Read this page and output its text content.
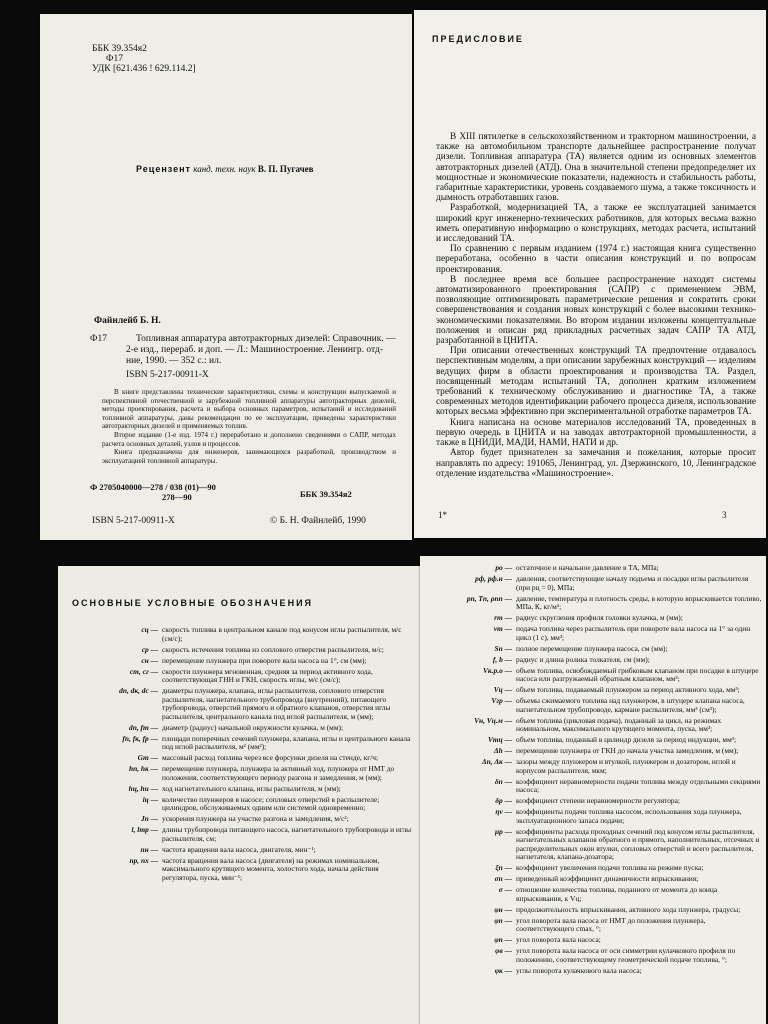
ББК 39.354я2
Ф17
УДК [621.436 ! 629.114.2]
Рецензент канд. техн. наук В. П. Пугачев
Файнлейб Б. Н.
Ф17	Топливная аппаратура автотракторных дизелей: Справочник. — 2-е изд., перераб. и доп. — Л.: Машиностроение. Ленингр. отд-ние, 1990. — 352 с.: ил.
ISBN 5-217-00911-X

В книге представлены технические характеристики, схемы и конструкции выпускаемой и перспективной отечественной и зарубежной топливной аппаратуры автотракторных дизелей, методы проектирования, расчета и выбора основных параметров, испытаний и исследований топливной аппаратуры, даны рекомендации по ее эксплуатации, приведены характеристики автотракторных дизелей и применяемых топлив.

Второе издание (1-е изд. 1974 г.) переработано и дополнено сведениями о САПР, методах расчета основных деталей, узлов и процессов.

Книга предназначена для инженеров, занимающихся разработкой, производством и эксплуатацией топливной аппаратуры.

Ф 2705040000—278 / 038 (01)—90
278—90	ББК 39.354я2
ISBN 5-217-00911-X	© Б. Н. Файнлейб, 1990
ПРЕДИСЛОВИЕ

В XIII пятилетке в сельскохозяйственном и тракторном машиностроении, а также на автомобильном транспорте дальнейшее распространение получат дизели. Топливная аппаратура (ТА) является одним из основных элементов автотракторных дизелей (АТД). Она в значительной степени предопределяет их мощностные и экономические показатели, надежность и стабильность работы, габаритные характеристики, уровень создаваемого шума, а также токсичность и дымность отработавших газов.

Разработкой, модернизацией ТА, а также ее эксплуатацией занимается широкий круг инженерно-технических работников, для которых весьма важно иметь оперативную информацию о конструкциях, методах расчета, испытаний и исследований ТА.

По сравнению с первым изданием (1974 г.) настоящая книга существенно переработана, особенно в части описания конструкций и по вопросам проектирования.

В последнее время все большее распространение находят системы автоматизированного проектирования (САПР) с применением ЭВМ, позволяющие оптимизировать параметрические решения и сократить сроки совершенствования и создания новых конструкций с более высокими технико-экономическими показателями. Во втором издании изложены концептуальные положения и описан ряд прикладных расчетных задач САПР ТА АТД, разработанной в ЦНИТА.

При описании отечественных конструкций ТА предпочтение отдавалось перспективным моделям, а при описании зарубежных конструкций — изделиям ведущих фирм в области проектирования и производства ТА. Раздел, посвященный методам испытаний ТА, дополнен кратким изложением требований к техническому обслуживанию и диагностике ТА, а также современных методов идентификации рабочего процесса дизеля, использование которых весьма эффективно при экспериментальной отработке параметров ТА.

Книга написана на основе материалов исследований ТА, проведенных в первую очередь в ЦНИТА и на заводах автотракторной промышленности, а также в ЦНИДИ, МАДИ, НАМИ, НАТИ и др.

Автор будет признателен за замечания и пожелания, которые просит направлять по адресу: 191065, Ленинград, ул. Дзержинского, 10, Ленинградское отделение издательства «Машиностроение».

1*	3
ОСНОВНЫЕ УСЛОВНЫЕ ОБОЗНАЧЕНИЯ
cц — скорость топлива в центральном канале под конусом иглы распылителя, м/с (см/с);
cр — скорость истечения топлива из соплового отверстия распылителя, м/с;
cн — перемещение плунжера при повороте вала насоса на 1°, см (мм);
cт, cг — скорости плунжера мгновенная, средняя за период активного хода, соответствующая ГНН и ГКН, скорость иглы, м/с (см/с);
dп, dк, dс — диаметры плунжера, клапана, иглы распылителя, соплового отверстия распылителя, нагнетательного трубопровода (внутренний), питающего трубопровода, отверстий прямого и обратного клапанов, отверстия иглы распылителя, центрального канала под иглой распылителя, м (мм);
dп, fт — диаметр (радиус) начальной окружности кулачка, м (мм);
fп, fк, fр — площади поперечных сечений плунжера, клапана, иглы и центрального канала под иглой распылителя, м² (мм²);
Gт — массовый расход топлива через все форсунки дизеля на стенде, кг/ч;
hп, hк — перемещение плунжера, плунжера за активный ход, плунжера от НМТ до положения, соответствующего периоду разгона и замедления, м (мм);
hц, hи — ход нагнетательного клапана, иглы распылителя, м (мм);
iц — количество плунжеров в насосе; сопловых отверстий в распылителе; цилиндров, обслуживаемых одним или системой одновременно;
Jп — ускорения плунжера на участке разгона и замедления, м/с²;
l, lтр — длины трубопровода питающего насоса, нагнетательного трубопровода и иглы распылителя, см;
nн — частота вращения вала насоса, двигателя, мин⁻¹;
nр, nх — частота вращения вала насоса (двигателя) на режимах номинальном, максимального крутящего момента, холостого хода, начала действия регулятора, пуска, мин⁻¹;
pо — остаточное и начальное давление в ТА, МПа;
pф, pф.н — давления, соответствующие началу подъема и посадки иглы распылителя (при pц = 0), МПа;
pп, Tп, ρпп — давление, температура и плотность среды, в которую впрыскивается топливо, МПа, К, кг/м³;
rт — радиус скругления профиля головки кулачка, м (мм);
vт — подача топлива через распылитель при повороте вала насоса на 1° за один цикл (1 с), мм³;
Sп — полное перемещение плунжера насоса, см (мм);
f, b — радиус и длина ролика толкателя, см (мм);
Vк.р.о — объем топлива, освобождаемый грибковым клапаном при посадке в штуцере насоса или разгружаемый обратным клапаном, мм³;
Vц — объем топлива, подаваемый плунжером за период активного хода, мм³;
Vгр — объемы сжимаемого топлива над плунжером, в штуцере клапана насоса, нагнетательном трубопроводе, кармане распылителя, мм³ (см³);
Vн, Vц.м — объем топлива (цикловая подача), поданный за цикл, на режимах номинальном, максимального крутящего момента, пуска, мм³;
Vтц — объем топлива, поданный в цилиндр дизеля за период индукции, мм³;
Δh — перемещение плунжера от ГКН до начала участка замедления, м (мм);
Δп, Δк — зазоры между плунжером и втулкой, плунжером и дозатором, иглой и корпусом распылителя, мкм;
δп — коэффициент неравномерности подачи топлива между отдельными секциями насоса;
δр — коэффициент степени неравномерности регулятора;
ηv — коэффициенты подачи топлива насосом, использования хода плунжера, эксплуатационного запаса подачи;
μр — коэффициенты расхода проходных сечений под конусом иглы распылителя, нагнетательных клапанов обратного и прямого, наполнительных, отсечных и распределительных окон втулки, сопловых отверстий и всего распылителя, нагнетателя, клапана-дозатора;
ξп — коэффициент увеличения подачи топлива на режиме пуска;
σп — приведенный коэффициент динамичности впрыскивания;
σ — отношение количества топлива, поданного от момента до конца впрыскивания, к Vц;
φн — продолжительность впрыскивания, активного хода плунжера, градусы;
φп — угол поворота вала насоса от НМТ до положения плунжера, соответствующего cmax, °;
φп — угол поворота вала насоса;
φв — угол поворота вала насоса от оси симметрии кулачкового профиля по положению, соответствующему геометрической подаче топлива, °;
φк — углы поворота кулачкового вала насоса;
